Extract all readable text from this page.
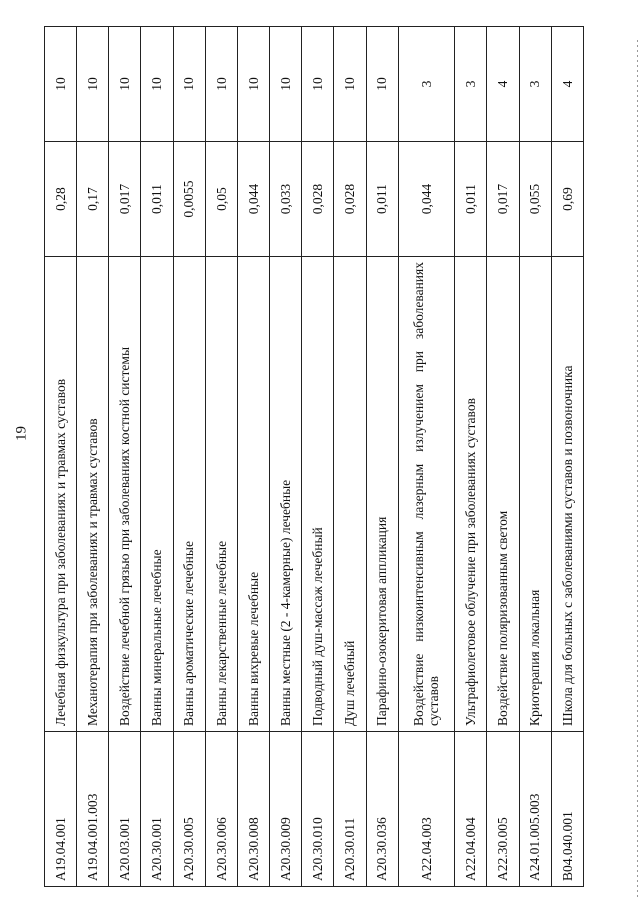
19
A19.04.001	Лечебная физкультура при заболеваниях и травмах суставов	0,28	10
A19.04.001.003	Механотерапия при заболеваниях и травмах суставов	0,17	10
A20.03.001	Воздействие лечебной грязью при заболеваниях костной системы	0,017	10
A20.30.001	Ванны минеральные лечебные	0,011	10
A20.30.005	Ванны ароматические лечебные	0,0055	10
A20.30.006	Ванны лекарственные лечебные	0,05	10
A20.30.008	Ванны вихревые лечебные	0,044	10
A20.30.009	Ванны местные (2 - 4-камерные) лечебные	0,033	10
A20.30.010	Подводный душ-массаж лечебный	0,028	10
A20.30.011	Душ лечебный	0,028	10
A20.30.036	Парафино-озокеритовая аппликация	0,011	10
A22.04.003	Воздействие низкоинтенсивным лазерным излучением при заболеваниях суставов	0,044	3
A22.04.004	Ультрафиолетовое облучение при заболеваниях суставов	0,011	3
A22.30.005	Воздействие поляризованным светом	0,017	4
A24.01.005.003	Криотерапия локальная	0,055	3
B04.040.001	Школа для больных с заболеваниями суставов и позвоночника	0,69	4
